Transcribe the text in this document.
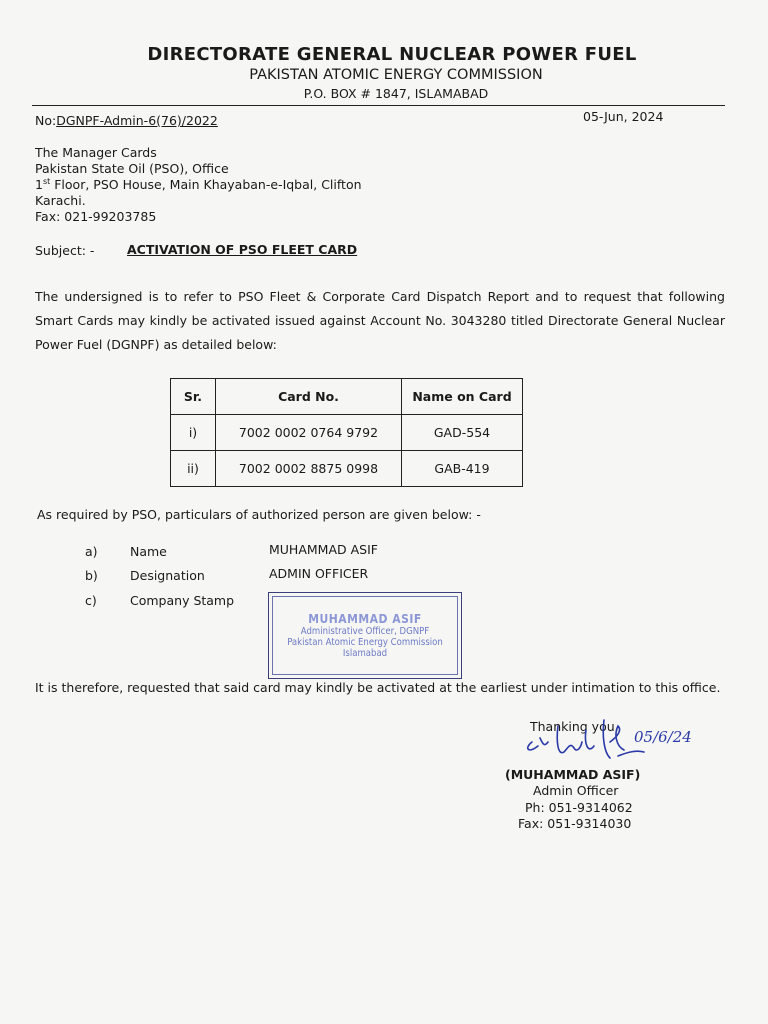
DIRECTORATE GENERAL NUCLEAR POWER FUEL
PAKISTAN ATOMIC ENERGY COMMISSION
P.O. BOX # 1847, ISLAMABAD
No:DGNPF-Admin-6(76)/2022	05-Jun, 2024
The Manager Cards
Pakistan State Oil (PSO), Office
1st Floor, PSO House, Main Khayaban-e-Iqbal, Clifton
Karachi.
Fax: 021-99203785
Subject: -	ACTIVATION OF PSO FLEET CARD
The undersigned is to refer to PSO Fleet & Corporate Card Dispatch Report and to request that following Smart Cards may kindly be activated issued against Account No. 3043280 titled Directorate General Nuclear Power Fuel (DGNPF) as detailed below:
Sr.	Card No.	Name on Card
i)	7002 0002 0764 9792	GAD-554
ii)	7002 0002 8875 0998	GAB-419
As required by PSO, particulars of authorized person are given below: -
a)	Name	MUHAMMAD ASIF
b)	Designation	ADMIN OFFICER
c)	Company Stamp
MUHAMMAD ASIF
Administrative Officer, DGNPF
Pakistan Atomic Energy Commission
Islamabad
It is therefore, requested that said card may kindly be activated at the earliest under intimation to this office.
Thanking you,
05/6/24
(MUHAMMAD ASIF)
Admin Officer
Ph: 051-9314062
Fax: 051-9314030
